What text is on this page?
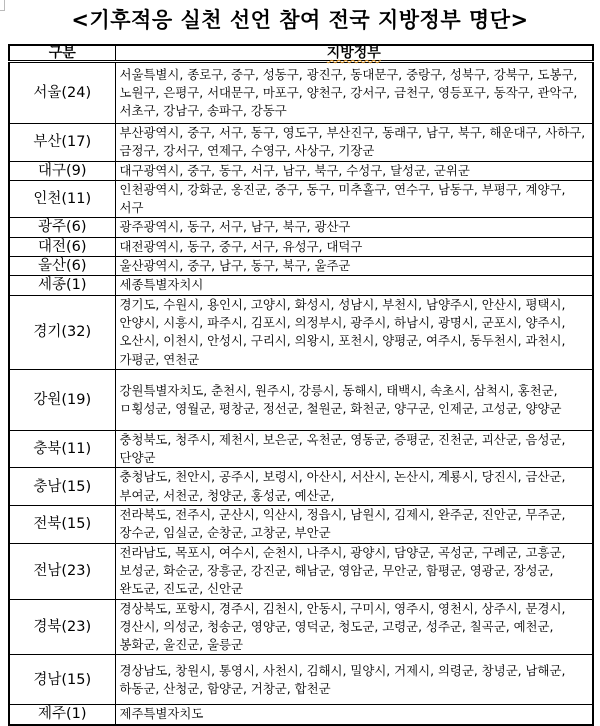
<기후적응 실천 선언 참여 전국 지방정부 명단>
구분	지방정부
서울(24)	서울특별시, 종로구, 중구, 성동구, 광진구, 동대문구, 중랑구, 성북구, 강북구, 도봉구, 노원구, 은평구, 서대문구, 마포구, 양천구, 강서구, 금천구, 영등포구, 동작구, 관악구, 서초구, 강남구, 송파구, 강동구
부산(17)	부산광역시, 중구, 서구, 동구, 영도구, 부산진구, 동래구, 남구, 북구, 해운대구, 사하구, 금정구, 강서구, 연제구, 수영구, 사상구, 기장군
대구(9)	대구광역시, 중구, 동구, 서구, 남구, 북구, 수성구, 달성군, 군위군
인천(11)	인천광역시, 강화군, 옹진군, 중구, 동구, 미추홀구, 연수구, 남동구, 부평구, 계양구, 서구
광주(6)	광주광역시, 동구, 서구, 남구, 북구, 광산구
대전(6)	대전광역시, 동구, 중구, 서구, 유성구, 대덕구
울산(6)	울산광역시, 중구, 남구, 동구, 북구, 울주군
세종(1)	세종특별자치시
경기(32)	경기도, 수원시, 용인시, 고양시, 화성시, 성남시, 부천시, 남양주시, 안산시, 평택시, 안양시, 시흥시, 파주시, 김포시, 의정부시, 광주시, 하남시, 광명시, 군포시, 양주시, 오산시, 이천시, 안성시, 구리시, 의왕시, 포천시, 양평군, 여주시, 동두천시, 과천시, 가평군, 연천군
강원(19)	강원특별자치도, 춘천시, 원주시, 강릉시, 동해시, 태백시, 속초시, 삼척시, 홍천군, ㅁ횡성군, 영월군, 평창군, 정선군, 철원군, 화천군, 양구군, 인제군, 고성군, 양양군
충북(11)	충청북도, 청주시, 제천시, 보은군, 옥천군, 영동군, 증평군, 진천군, 괴산군, 음성군, 단양군
충남(15)	충청남도, 천안시, 공주시, 보령시, 아산시, 서산시, 논산시, 계룡시, 당진시, 금산군, 부여군, 서천군, 청양군, 홍성군, 예산군,
전북(15)	전라북도, 전주시, 군산시, 익산시, 정읍시, 남원시, 김제시, 완주군, 진안군, 무주군, 장수군, 임실군, 순창군, 고창군, 부안군
전남(23)	전라남도, 목포시, 여수시, 순천시, 나주시, 광양시, 담양군, 곡성군, 구례군, 고흥군, 보성군, 화순군, 장흥군, 강진군, 해남군, 영암군, 무안군, 함평군, 영광군, 장성군, 완도군, 진도군, 신안군
경북(23)	경상북도, 포항시, 경주시, 김천시, 안동시, 구미시, 영주시, 영천시, 상주시, 문경시, 경산시, 의성군, 청송군, 영양군, 영덕군, 청도군, 고령군, 성주군, 칠곡군, 예천군, 봉화군, 울진군, 울릉군
경남(15)	경상남도, 창원시, 통영시, 사천시, 김해시, 밀양시, 거제시, 의령군, 창녕군, 남해군, 하동군, 산청군, 함양군, 거창군, 합천군
제주(1)	제주특별자치도
